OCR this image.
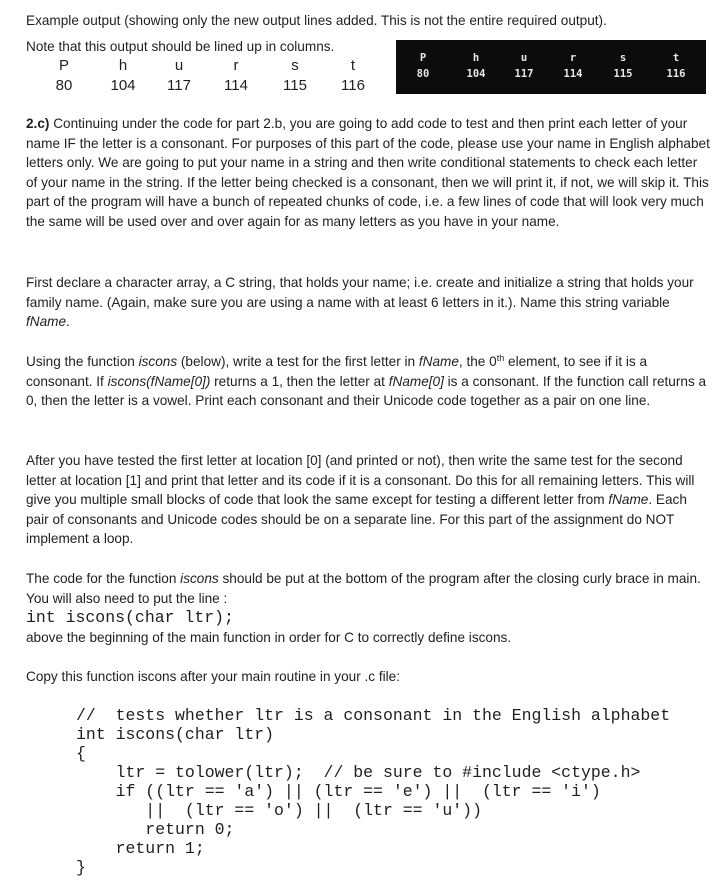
Example output (showing only the new output lines added. This is not the entire required output).
Note that this output should be lined up in columns.
P	h	u	r	s	t
80	104	117	114	115	116
P	h	u	r	s	t
80	104	117	114	115	116
2.c) Continuing under the code for part 2.b, you are going to add code to test and then print each letter of your name IF the letter is a consonant. For purposes of this part of the code, please use your name in English alphabet letters only. We are going to put your name in a string and then write conditional statements to check each letter of your name in the string. If the letter being checked is a consonant, then we will print it, if not, we will skip it. This part of the program will have a bunch of repeated chunks of code, i.e. a few lines of code that will look very much the same will be used over and over again for as many letters as you have in your name.
First declare a character array, a C string, that holds your name; i.e. create and initialize a string that holds your family name. (Again, make sure you are using a name with at least 6 letters in it.). Name this string variable fName.
Using the function iscons (below), write a test for the first letter in fName, the 0th element, to see if it is a consonant. If iscons(fName[0]) returns a 1, then the letter at fName[0] is a consonant. If the function call returns a 0, then the letter is a vowel. Print each consonant and their Unicode code together as a pair on one line.
After you have tested the first letter at location [0] (and printed or not), then write the same test for the second letter at location [1] and print that letter and its code if it is a consonant. Do this for all remaining letters. This will give you multiple small blocks of code that look the same except for testing a different letter from fName. Each pair of consonants and Unicode codes should be on a separate line. For this part of the assignment do NOT implement a loop.
The code for the function iscons should be put at the bottom of the program after the closing curly brace in main. You will also need to put the line :
int iscons(char ltr);
above the beginning of the main function in order for C to correctly define iscons.
Copy this function iscons after your main routine in your .c file:
//  tests whether ltr is a consonant in the English alphabet
int iscons(char ltr)
{
ltr = tolower(ltr);  // be sure to #include <ctype.h>
if ((ltr == 'a') || (ltr == 'e') ||  (ltr == 'i')
||  (ltr == 'o') ||  (ltr == 'u'))
return 0;
return 1;
}
